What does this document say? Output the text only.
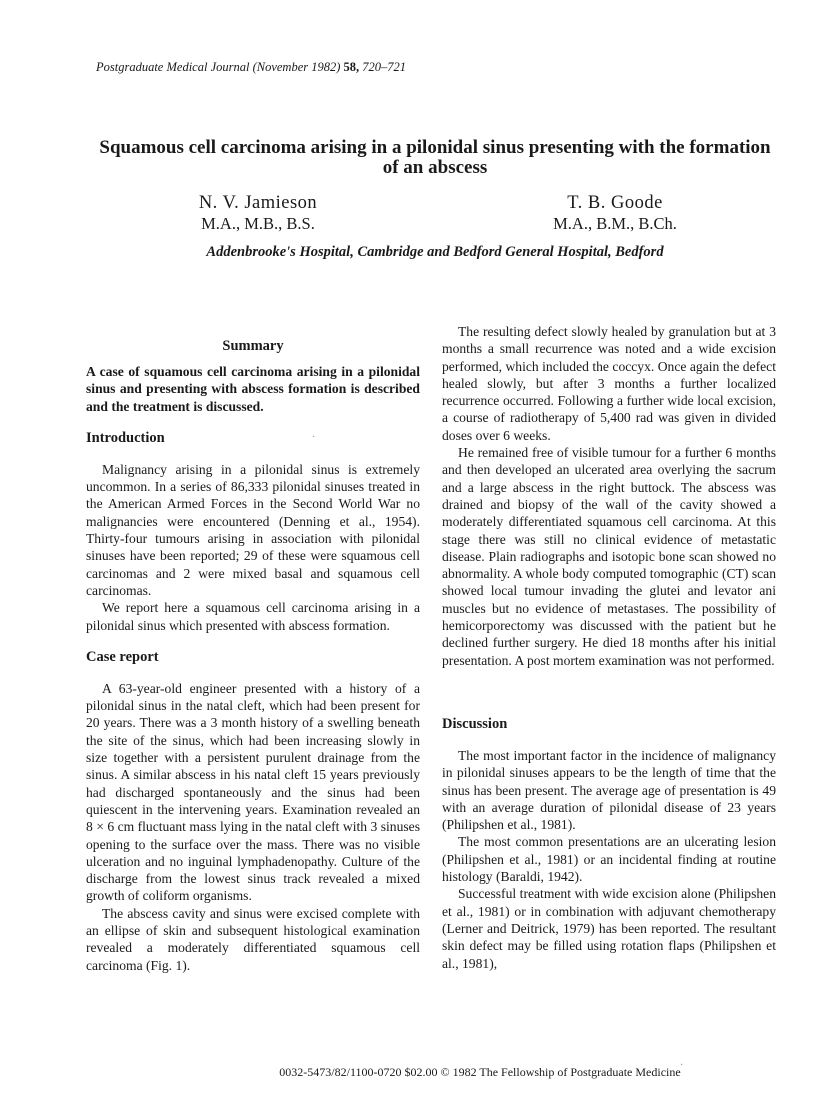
Postgraduate Medical Journal (November 1982) 58, 720–721
Squamous cell carcinoma arising in a pilonidal sinus presenting with the formation of an abscess
N. V. Jamieson
M.A., M.B., B.S.
T. B. Goode
M.A., B.M., B.Ch.
Addenbrooke's Hospital, Cambridge and Bedford General Hospital, Bedford
Summary

A case of squamous cell carcinoma arising in a pilonidal sinus and presenting with abscess formation is described and the treatment is discussed.

Introduction

Malignancy arising in a pilonidal sinus is extremely uncommon. In a series of 86,333 pilonidal sinuses treated in the American Armed Forces in the Second World War no malignancies were encountered (Denning et al., 1954). Thirty-four tumours arising in association with pilonidal sinuses have been reported; 29 of these were squamous cell carcinomas and 2 were mixed basal and squamous cell carcinomas.

We report here a squamous cell carcinoma arising in a pilonidal sinus which presented with abscess formation.

Case report

A 63-year-old engineer presented with a history of a pilonidal sinus in the natal cleft, which had been present for 20 years. There was a 3 month history of a swelling beneath the site of the sinus, which had been increasing slowly in size together with a persistent purulent drainage from the sinus. A similar abscess in his natal cleft 15 years previously had discharged spontaneously and the sinus had been quiescent in the intervening years. Examination revealed an 8 × 6 cm fluctuant mass lying in the natal cleft with 3 sinuses opening to the surface over the mass. There was no visible ulceration and no inguinal lymphadenopathy. Culture of the discharge from the lowest sinus track revealed a mixed growth of coliform organisms.

The abscess cavity and sinus were excised complete with an ellipse of skin and subsequent histological examination revealed a moderately differentiated squamous cell carcinoma (Fig. 1).

The resulting defect slowly healed by granulation but at 3 months a small recurrence was noted and a wide excision performed, which included the coccyx. Once again the defect healed slowly, but after 3 months a further localized recurrence occurred. Following a further wide local excision, a course of radiotherapy of 5,400 rad was given in divided doses over 6 weeks.

He remained free of visible tumour for a further 6 months and then developed an ulcerated area overlying the sacrum and a large abscess in the right buttock. The abscess was drained and biopsy of the wall of the cavity showed a moderately differentiated squamous cell carcinoma. At this stage there was still no clinical evidence of metastatic disease. Plain radiographs and isotopic bone scan showed no abnormality. A whole body computed tomographic (CT) scan showed local tumour invading the glutei and levator ani muscles but no evidence of metastases. The possibility of hemicorporectomy was discussed with the patient but he declined further surgery. He died 18 months after his initial presentation. A post mortem examination was not performed.

Discussion

The most important factor in the incidence of malignancy in pilonidal sinuses appears to be the length of time that the sinus has been present. The average age of presentation is 49 with an average duration of pilonidal disease of 23 years (Philipshen et al., 1981).

The most common presentations are an ulcerating lesion (Philipshen et al., 1981) or an incidental finding at routine histology (Baraldi, 1942).

Successful treatment with wide excision alone (Philipshen et al., 1981) or in combination with adjuvant chemotherapy (Lerner and Deitrick, 1979) has been reported. The resultant skin defect may be filled using rotation flaps (Philipshen et al., 1981),

0032-5473/82/1100-0720 $02.00 © 1982 The Fellowship of Postgraduate Medicine
·
·
